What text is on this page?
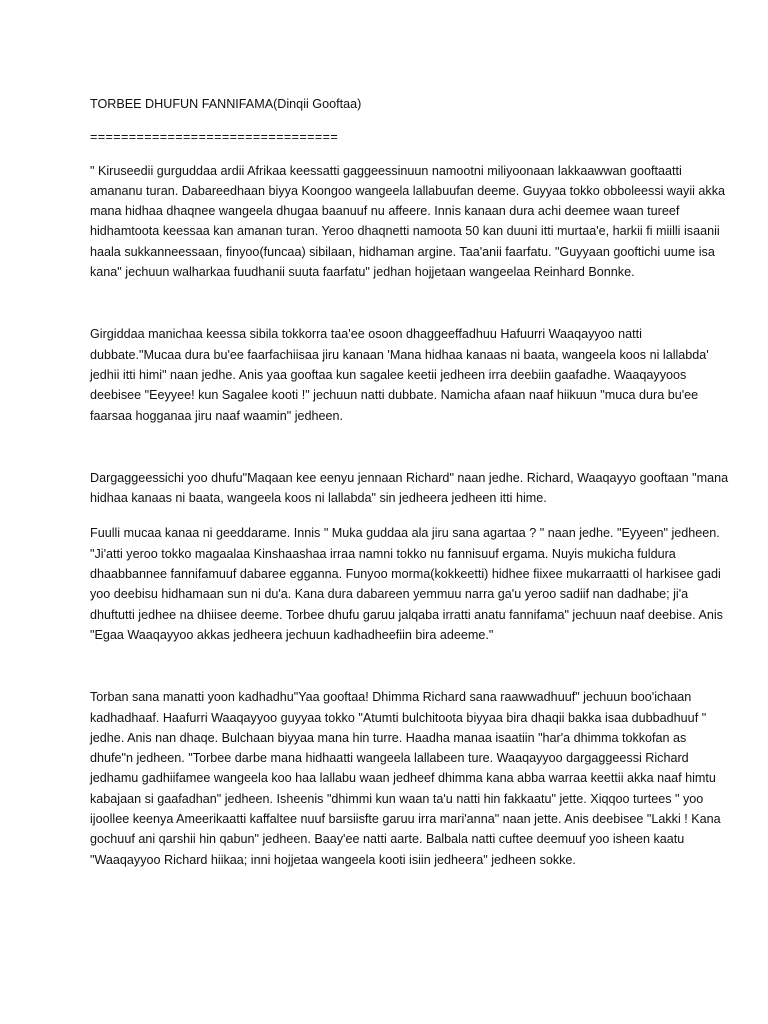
TORBEE DHUFUN FANNIFAMA(Dinqii Gooftaa)

================================

" Kiruseedii gurguddaa ardii Afrikaa keessatti gaggeessinuun namootni miliyoonaan lakkaawwan gooftaatti amananu turan. Dabareedhaan biyya Koongoo wangeela lallabuufan deeme. Guyyaa tokko obboleessi wayii akka mana hidhaa dhaqnee wangeela dhugaa baanuuf nu affeere. Innis kanaan dura achi deemee waan tureef hidhamtoota keessaa kan amanan turan. Yeroo dhaqnetti namoota 50 kan duuni itti murtaa'e, harkii fi miilli isaanii haala sukkanneessaan, finyoo(funcaa) sibilaan, hidhaman argine. Taa'anii faarfatu. "Guyyaan gooftichi uume isa kana" jechuun walharkaa fuudhanii suuta faarfatu" jedhan hojjetaan wangeelaa Reinhard Bonnke.

Girgiddaa manichaa keessa sibila tokkorra taa'ee osoon dhaggeeffadhuu Hafuurri Waaqayyoo natti dubbate."Mucaa dura bu'ee faarfachiisaa jiru kanaan 'Mana hidhaa kanaas ni baata, wangeela koos ni lallabda' jedhii itti himi" naan jedhe. Anis yaa gooftaa kun sagalee keetii jedheen irra deebiin gaafadhe. Waaqayyoos deebisee "Eeyyee! kun Sagalee kooti !" jechuun natti dubbate. Namicha afaan naaf hiikuun "muca dura bu'ee faarsaa hogganaa jiru naaf waamin" jedheen.

Dargaggeessichi yoo dhufu"Maqaan kee eenyu jennaan Richard" naan jedhe. Richard, Waaqayyo gooftaan "mana hidhaa kanaas ni baata, wangeela koos ni lallabda" sin jedheera jedheen itti hime.

Fuulli mucaa kanaa ni geeddarame. Innis " Muka guddaa ala jiru sana agartaa ? " naan jedhe. "Eyyeen" jedheen. "Ji'atti yeroo tokko magaalaa Kinshaashaa irraa namni tokko nu fannisuuf ergama. Nuyis mukicha fuldura dhaabbannee fannifamuuf dabaree egganna. Funyoo morma(kokkeetti) hidhee fiixee mukarraatti ol harkisee gadi yoo deebisu hidhamaan sun ni du'a. Kana dura dabareen yemmuu narra ga'u yeroo sadiif nan dadhabe; ji'a dhuftutti jedhee na dhiisee deeme. Torbee dhufu garuu jalqaba irratti anatu fannifama" jechuun naaf deebise. Anis "Egaa Waaqayyoo akkas jedheera jechuun kadhadheefiin bira adeeme."

Torban sana manatti yoon kadhadhu"Yaa gooftaa! Dhimma Richard sana raawwadhuuf" jechuun boo'ichaan kadhadhaaf. Haafurri Waaqayyoo guyyaa tokko "Atumti bulchitoota biyyaa bira dhaqii bakka isaa dubbadhuuf " jedhe. Anis nan dhaqe. Bulchaan biyyaa mana hin turre. Haadha manaa isaatiin "har'a dhimma tokkofan as dhufe"n jedheen. "Torbee darbe mana hidhaatti wangeela lallabeen ture. Waaqayyoo dargaggeessi Richard jedhamu gadhiifamee wangeela koo haa lallabu waan jedheef dhimma kana abba warraa keettii akka naaf himtu kabajaan si gaafadhan" jedheen. Isheenis "dhimmi kun waan ta'u natti hin fakkaatu" jette. Xiqqoo turtees " yoo ijoollee keenya Ameerikaatti kaffaltee nuuf barsiisfte garuu irra mari'anna" naan jette. Anis deebisee "Lakki ! Kana gochuuf ani qarshii hin qabun" jedheen. Baay'ee natti aarte. Balbala natti cuftee deemuuf yoo isheen kaatu "Waaqayyoo Richard hiikaa; inni hojjetaa wangeela kooti isiin jedheera" jedheen sokke.
